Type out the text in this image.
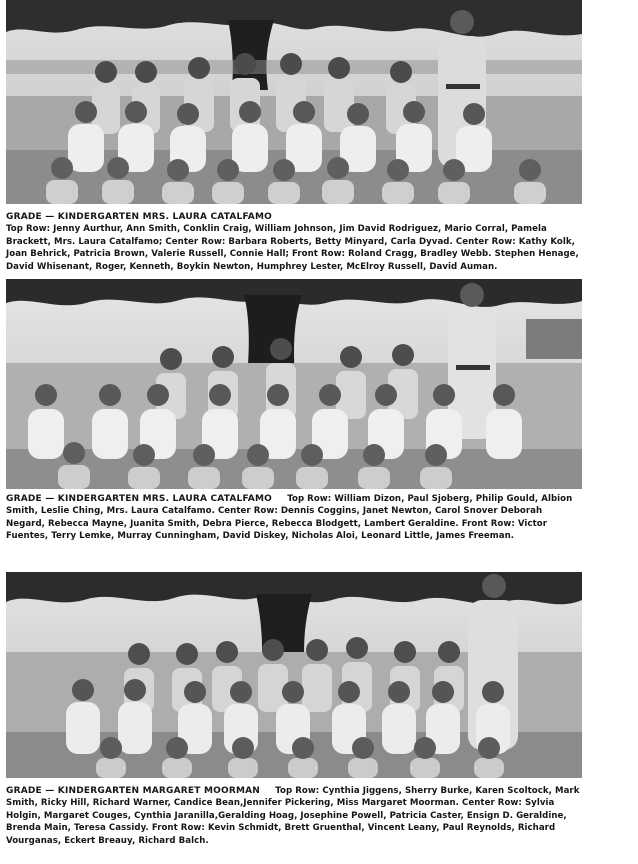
GRADE — KINDERGARTEN MRS. LAURA CATALFAMO

Top Row: Jenny Aurthur, Ann Smith, Conklin Craig, William Johnson, Jim David Rodriguez, Mario Corral, Pamela Brackett, Mrs. Laura Catalfamo; Center Row: Barbara Roberts, Betty Minyard, Carla Dyvad. Center Row: Kathy Kolk, Joan Behrick, Patricia Brown, Valerie Russell, Connie Hall; Front Row: Roland Cragg, Bradley Webb. Stephen Henage, David Whisenant, Roger, Kenneth, Boykin Newton, Humphrey Lester, McElroy Russell, David Auman.

GRADE — KINDERGARTEN MRS. LAURA CATALFAMO Top Row: William Dizon, Paul Sjoberg, Philip Gould, Albion Smith, Leslie Ching, Mrs. Laura Catalfamo. Center Row: Dennis Coggins, Janet Newton, Carol Snover Deborah Negard, Rebecca Mayne, Juanita Smith, Debra Pierce, Rebecca Blodgett, Lambert Geraldine. Front Row: Victor Fuentes, Terry Lemke, Murray Cunningham, David Diskey, Nicholas Aloi, Leonard Little, James Freeman.

GRADE — KINDERGARTEN MARGARET MOORMAN Top Row: Cynthia Jiggens, Sherry Burke, Karen Scoltock, Mark Smith, Ricky Hill, Richard Warner, Candice Bean,Jennifer Pickering, Miss Margaret Moorman. Center Row: Sylvia Holgin, Margaret Couges, Cynthia Jaranilla,Geralding Hoag, Josephine Powell, Patricia Caster, Ensign D. Geraldine, Brenda Main, Teresa Cassidy. Front Row: Kevin Schmidt, Brett Gruenthal, Vincent Leany, Paul Reynolds, Richard Vourganas, Eckert Breauy, Richard Balch.
